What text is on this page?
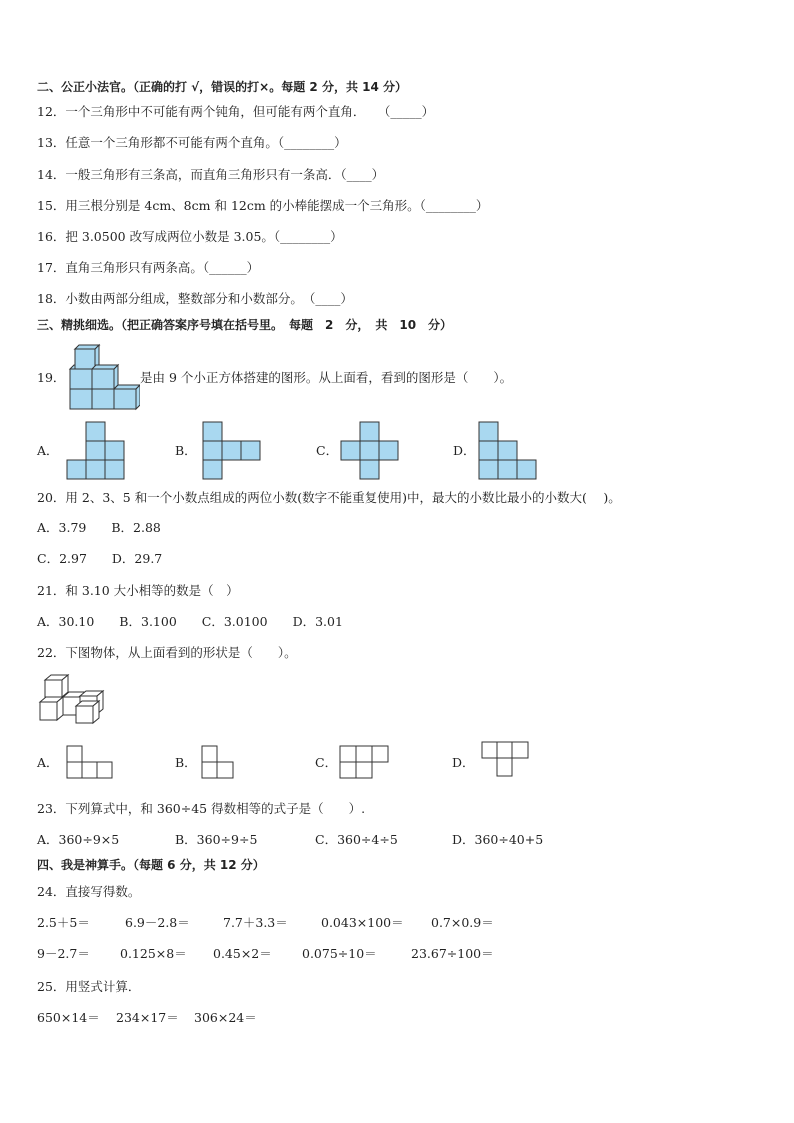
二、公正小法官。（正确的打 √，错误的打×。每题 2 分，共 14 分）
12．一个三角形中不可能有两个钝角，但可能有两个直角．　　（_____）
13．任意一个三角形都不可能有两个直角。（________）
14．一般三角形有三条高，而直角三角形只有一条高．（____）
15．用三根分别是 4cm、8cm 和 12cm 的小棒能摆成一个三角形。（________）
16．把 3.0500 改写成两位小数是 3.05。（________）
17．直角三角形只有两条高。（______）
18．小数由两部分组成，整数部分和小数部分。　（____）
三、精挑细选。（把正确答案序号填在括号里。　每题　2　分，　共　10　分）
19．	是由 9 个小正方体搭建的图形。从上面看，看到的图形是（　　）。
A．	B．	C．	D．
20．用 2、3、5 和一个小数点组成的两位小数(数字不能重复使用)中，最大的小数比最小的小数大(　 )。
A．3.79　　B．2.88
C．2.97　　D．29.7
21．和 3.10 大小相等的数是（　）
A．30.10　　B．3.100　　C．3.0100　　D．3.01
22．下图物体，从上面看到的形状是（　　）。
A．	B．	C．	D．
23．下列算式中，和 360÷45 得数相等的式子是（　　）.
A．360÷9×5	B．360÷9÷5	C．360÷4÷5	D．360÷40+5
四、我是神算手。（每题 6 分，共 12 分）
24．直接写得数。
2.5＋5＝	6.9－2.8＝	7.7＋3.3＝	0.043×100＝ 0.7×0.9＝
9－2.7＝ 0.125×8＝ 0.45×2＝ 0.075÷10＝	23.67÷100＝
25．用竖式计算．
650×14＝ 234×17＝ 306×24＝
